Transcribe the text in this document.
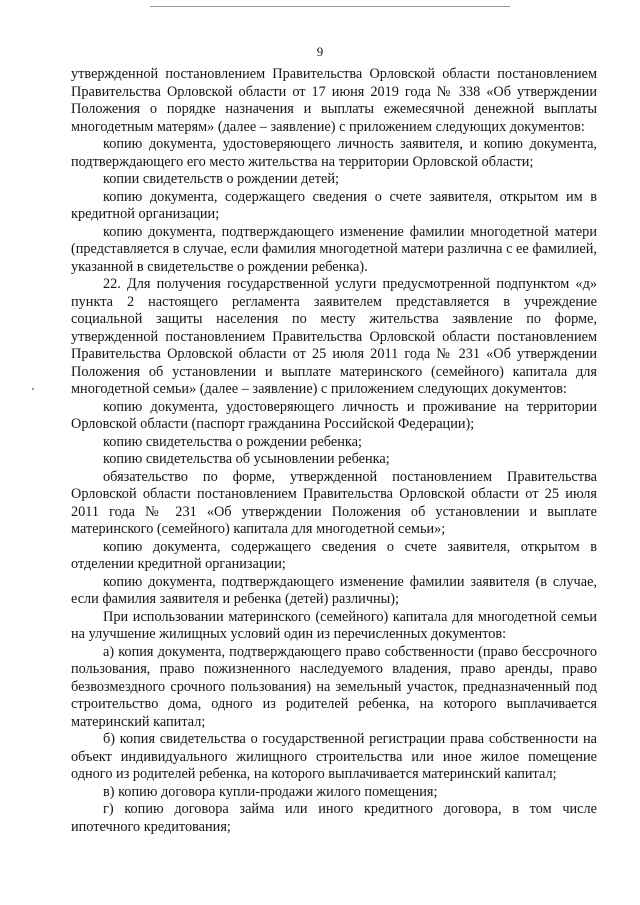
9

утвержденной постановлением Правительства Орловской области постановлением Правительства Орловской области от 17 июня 2019 года № 338 «Об утверждении Положения о порядке назначения и выплаты ежемесячной денежной выплаты многодетным матерям» (далее – заявление) с приложением следующих документов:

копию документа, удостоверяющего личность заявителя, и копию документа, подтверждающего его место жительства на территории Орловской области;

копии свидетельств о рождении детей;

копию документа, содержащего сведения о счете заявителя, открытом им в кредитной организации;

копию документа, подтверждающего изменение фамилии многодетной матери (представляется в случае, если фамилия многодетной матери различна с ее фамилией, указанной в свидетельстве о рождении ребенка).

22. Для получения государственной услуги предусмотренной подпунктом «д» пункта 2 настоящего регламента заявителем представляется в учреждение социальной защиты населения по месту жительства заявление по форме, утвержденной постановлением Правительства Орловской области постановлением Правительства Орловской области от 25 июля 2011 года № 231 «Об утверждении Положения об установлении и выплате материнского (семейного) капитала для многодетной семьи» (далее – заявление) с приложением следующих документов:

копию документа, удостоверяющего личность и проживание на территории Орловской области (паспорт гражданина Российской Федерации);

копию свидетельства о рождении ребенка;

копию свидетельства об усыновлении ребенка;

обязательство по форме, утвержденной постановлением Правительства Орловской области постановлением Правительства Орловской области от 25 июля 2011 года № 231 «Об утверждении Положения об установлении и выплате материнского (семейного) капитала для многодетной семьи»;

копию документа, содержащего сведения о счете заявителя, открытом в отделении кредитной организации;

копию документа, подтверждающего изменение фамилии заявителя (в случае, если фамилия заявителя и ребенка (детей) различны);

При использовании материнского (семейного) капитала для многодетной семьи на улучшение жилищных условий один из перечисленных документов:

а) копия документа, подтверждающего право собственности (право бессрочного пользования, право пожизненного наследуемого владения, право аренды, право безвозмездного срочного пользования) на земельный участок, предназначенный под строительство дома, одного из родителей ребенка, на которого выплачивается материнский капитал;

б) копия свидетельства о государственной регистрации права собственности на объект индивидуального жилищного строительства или иное жилое помещение одного из родителей ребенка, на которого выплачивается материнский капитал;

в) копию договора купли-продажи жилого помещения;

г) копию договора займа или иного кредитного договора, в том числе ипотечного кредитования;
